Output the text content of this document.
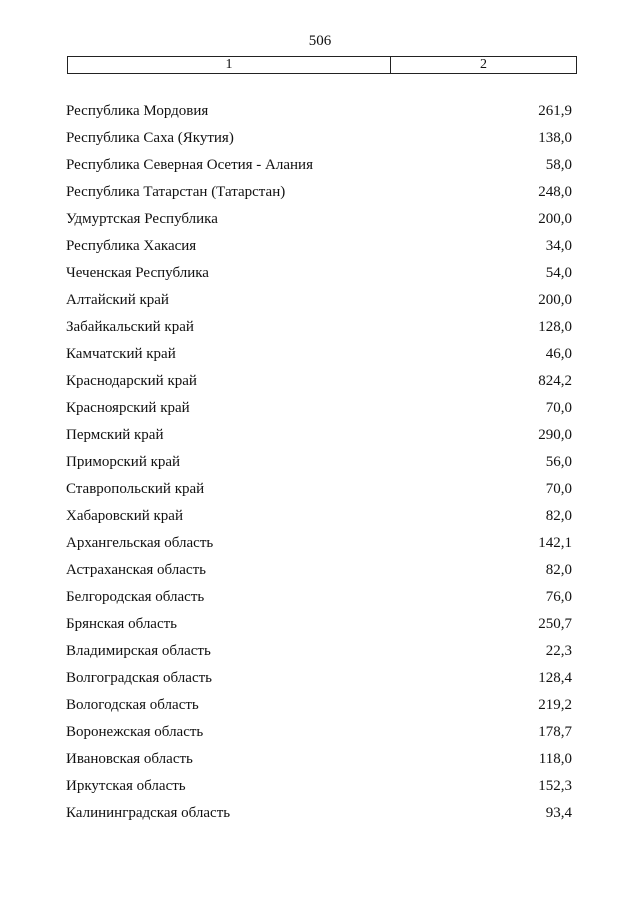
506
1	2
Республика Мордовия	261,9
Республика Саха (Якутия)	138,0
Республика Северная Осетия - Алания	58,0
Республика Татарстан (Татарстан)	248,0
Удмуртская Республика	200,0
Республика Хакасия	34,0
Чеченская Республика	54,0
Алтайский край	200,0
Забайкальский край	128,0
Камчатский край	46,0
Краснодарский край	824,2
Красноярский край	70,0
Пермский край	290,0
Приморский край	56,0
Ставропольский край	70,0
Хабаровский край	82,0
Архангельская область	142,1
Астраханская область	82,0
Белгородская область	76,0
Брянская область	250,7
Владимирская область	22,3
Волгоградская область	128,4
Вологодская область	219,2
Воронежская область	178,7
Ивановская область	118,0
Иркутская область	152,3
Калининградская область	93,4
